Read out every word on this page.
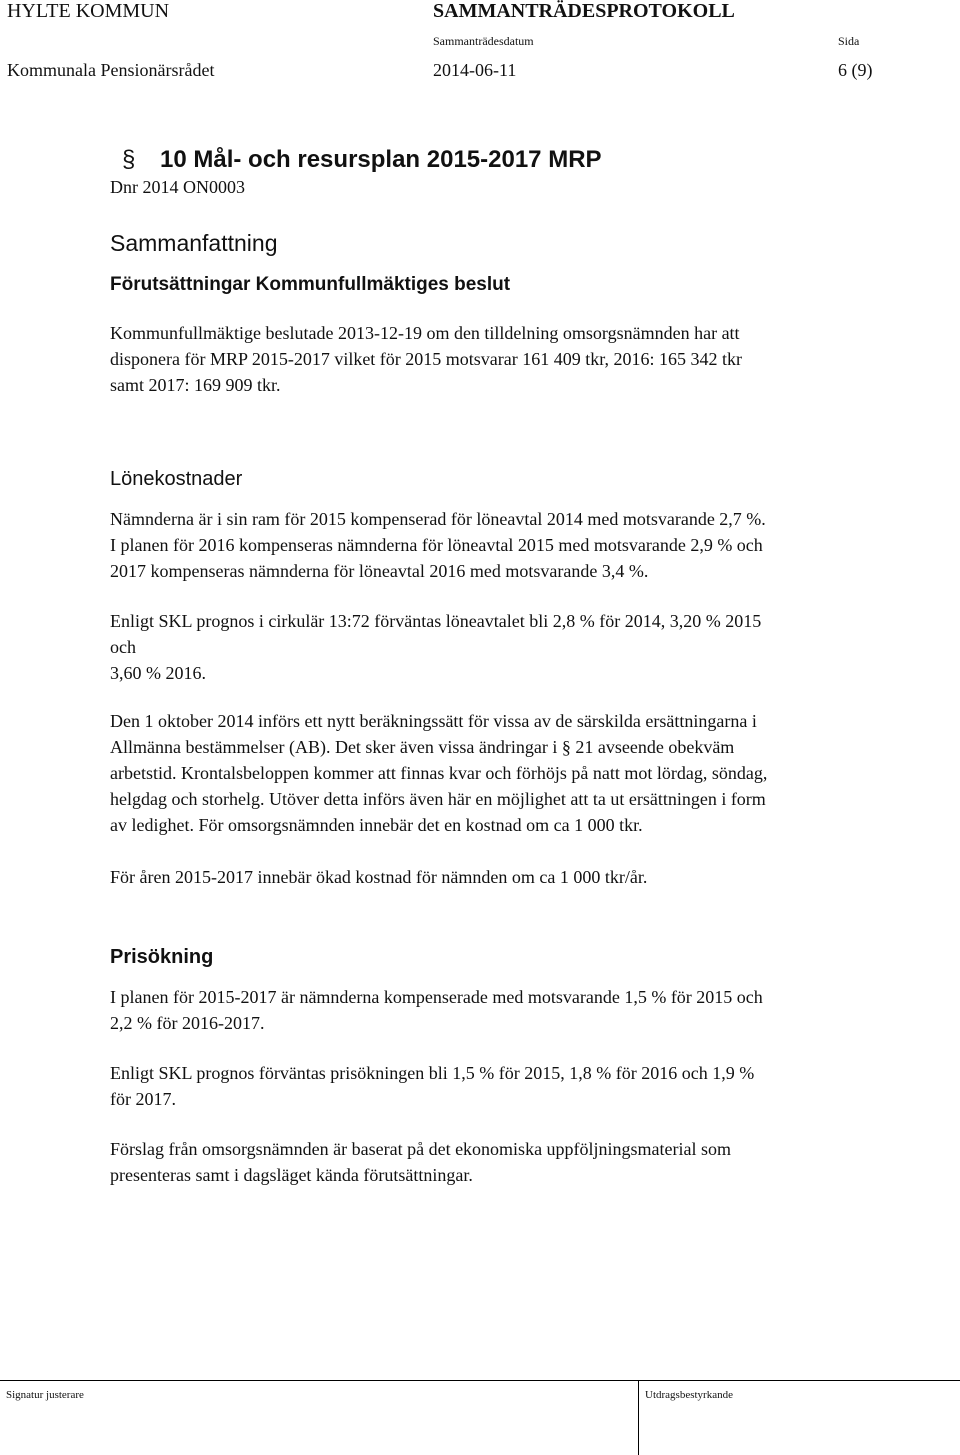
HYLTE KOMMUN	SAMMANTRÄDESPROTOKOLL
Sammanträdesdatum	Sida
Kommunala Pensionärsrådet	2014-06-11	6 (9)
§ 10 Mål- och resursplan 2015-2017 MRP
Dnr 2014 ON0003
Sammanfattning
Förutsättningar Kommunfullmäktiges beslut
Kommunfullmäktige beslutade 2013-12-19 om den tilldelning omsorgsnämnden har att
disponera för MRP 2015-2017 vilket för 2015 motsvarar 161 409 tkr, 2016: 165 342 tkr
samt 2017: 169 909 tkr.
Lönekostnader
Nämnderna är i sin ram för 2015 kompenserad för löneavtal 2014 med motsvarande 2,7 %.
I planen för 2016 kompenseras nämnderna för löneavtal 2015 med motsvarande 2,9 % och
2017 kompenseras nämnderna för löneavtal 2016 med motsvarande 3,4 %.
Enligt SKL prognos i cirkulär 13:72 förväntas löneavtalet bli 2,8 % för 2014, 3,20 % 2015
och
3,60 % 2016.
Den 1 oktober 2014 införs ett nytt beräkningssätt för vissa av de särskilda ersättningarna i
Allmänna bestämmelser (AB). Det sker även vissa ändringar i § 21 avseende obekväm
arbetstid. Krontalsbeloppen kommer att finnas kvar och förhöjs på natt mot lördag, söndag,
helgdag och storhelg. Utöver detta införs även här en möjlighet att ta ut ersättningen i form
av ledighet. För omsorgsnämnden innebär det en kostnad om ca 1 000 tkr.
För åren 2015-2017 innebär ökad kostnad för nämnden om ca 1 000 tkr/år.
Prisökning
I planen för 2015-2017 är nämnderna kompenserade med motsvarande 1,5 % för 2015 och
2,2 % för 2016-2017.
Enligt SKL prognos förväntas prisökningen bli 1,5 % för 2015, 1,8 % för 2016 och 1,9 %
för 2017.
Förslag från omsorgsnämnden är baserat på det ekonomiska uppföljningsmaterial som
presenteras samt i dagsläget kända förutsättningar.
Signatur justerare	Utdragsbestyrkande
